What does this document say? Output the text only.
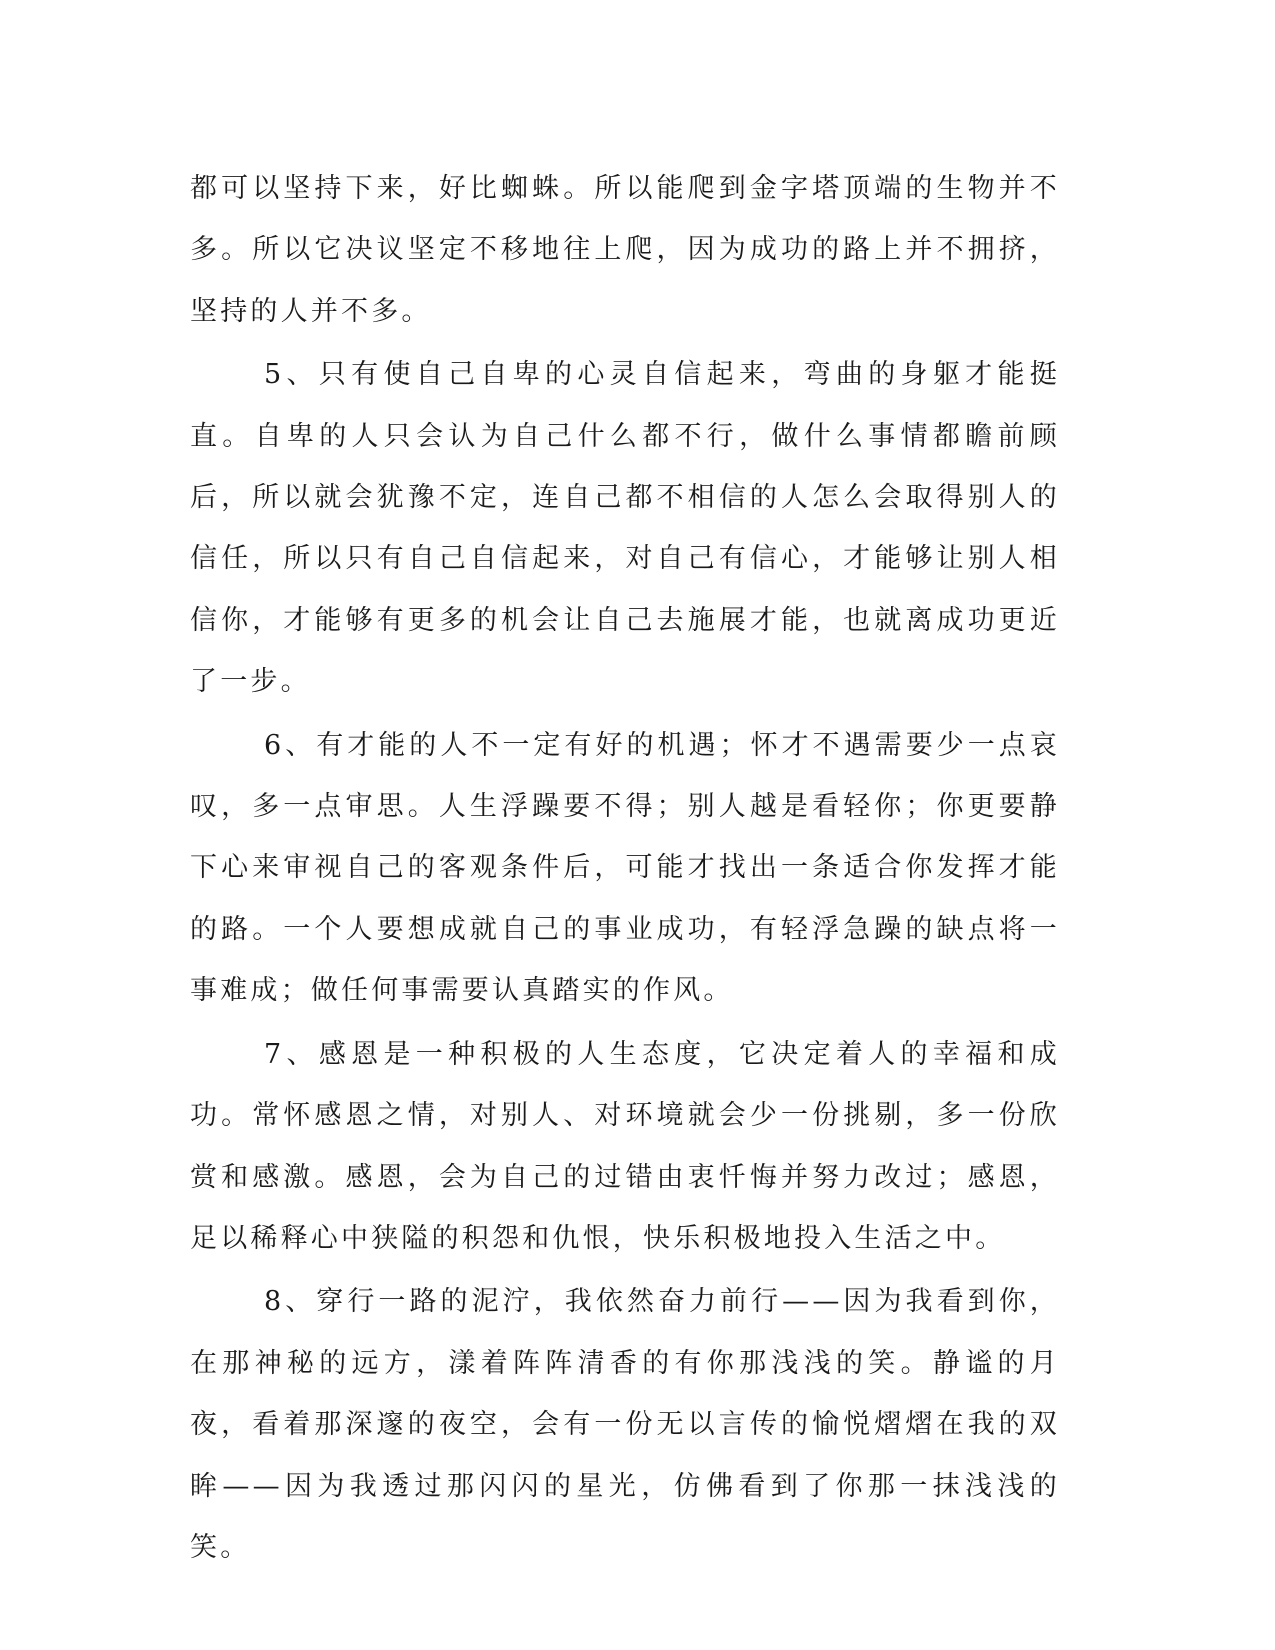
都可以坚持下来，好比蜘蛛。所以能爬到金字塔顶端的生物并不多。所以它决议坚定不移地往上爬，因为成功的路上并不拥挤，坚持的人并不多。

5、只有使自己自卑的心灵自信起来，弯曲的身躯才能挺直。自卑的人只会认为自己什么都不行，做什么事情都瞻前顾后，所以就会犹豫不定，连自己都不相信的人怎么会取得别人的信任，所以只有自己自信起来，对自己有信心，才能够让别人相信你，才能够有更多的机会让自己去施展才能，也就离成功更近了一步。

6、有才能的人不一定有好的机遇；怀才不遇需要少一点哀叹，多一点审思。人生浮躁要不得；别人越是看轻你；你更要静下心来审视自己的客观条件后，可能才找出一条适合你发挥才能的路。一个人要想成就自己的事业成功，有轻浮急躁的缺点将一事难成；做任何事需要认真踏实的作风。

7、感恩是一种积极的人生态度，它决定着人的幸福和成功。常怀感恩之情，对别人、对环境就会少一份挑剔，多一份欣赏和感激。感恩，会为自己的过错由衷忏悔并努力改过；感恩，足以稀释心中狭隘的积怨和仇恨，快乐积极地投入生活之中。

8、穿行一路的泥泞，我依然奋力前行——因为我看到你，在那神秘的远方，漾着阵阵清香的有你那浅浅的笑。静谧的月夜，看着那深邃的夜空，会有一份无以言传的愉悦熠熠在我的双眸——因为我透过那闪闪的星光，仿佛看到了你那一抹浅浅的笑。
